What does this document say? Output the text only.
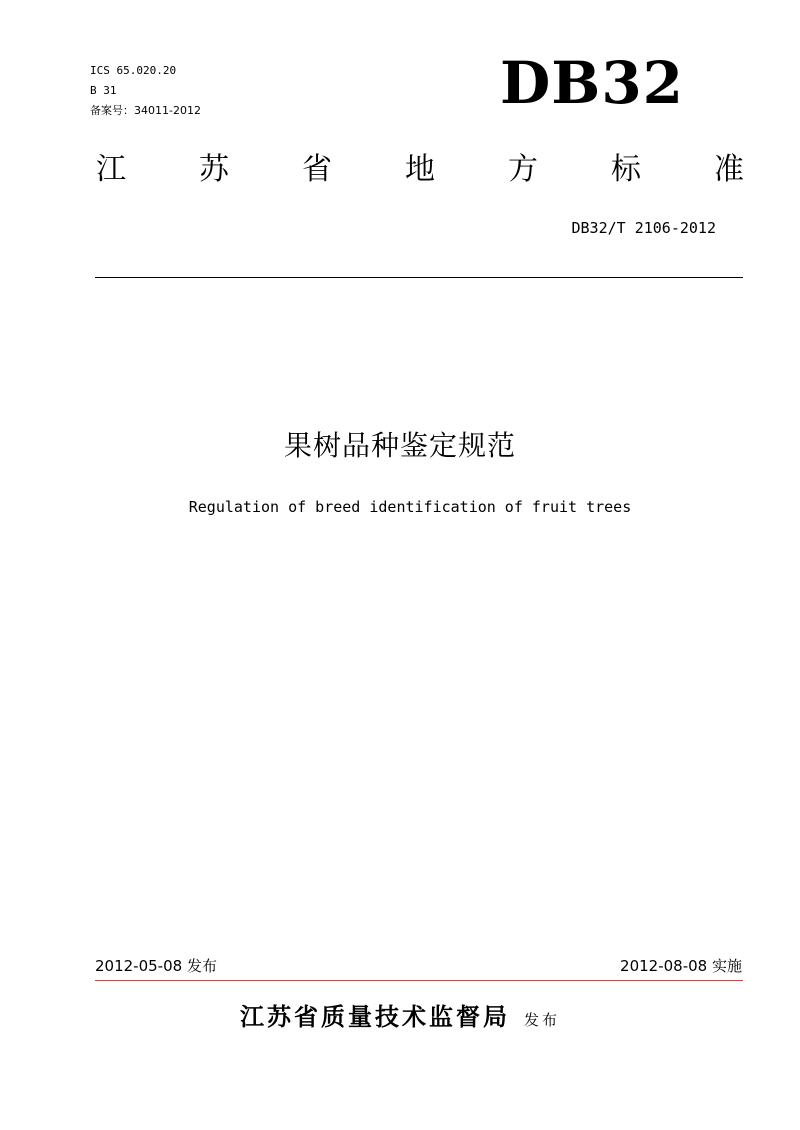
ICS 65.020.20
B 31
备案号：34011-2012	DB32
江 苏 省 地 方 标 准
DB32/T 2106-2012
果树品种鉴定规范
Regulation of breed identification of fruit trees
2012-05-08 发布	2012-08-08 实施
江苏省质量技术监督局 发布
